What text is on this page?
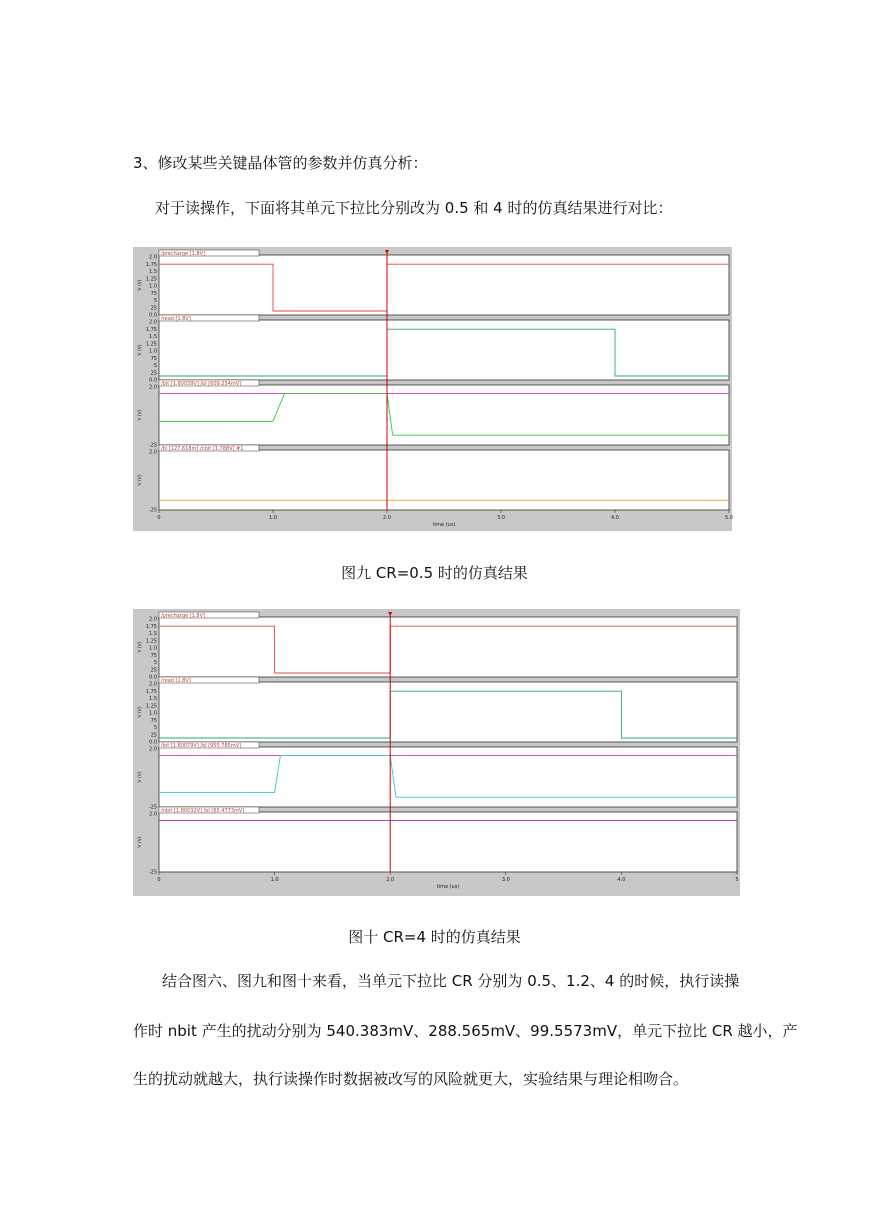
3、修改某些关键晶体管的参数并仿真分析：
对于读操作，下面将其单元下拉比分别改为 0.5 和 4 时的仿真结果进行对比：
/precharge [1.8V]
2.0
1.75
1.5
1.25
1.0
75
5
25
0.0
V (V)
/read [1.8V]
2.0
1.75
1.5
1.25
1.0
75
5
25
0.0
V (V)
/bit [1.80039V] /bl [609.254mV]
2.0
-25
V (V)
/bl [127.618m] /nbit [1.788V] #1
2.0
-25
V (V)
0	1.0	2.0	3.0	4.0	5.0
time (us)
图九 CR=0.5 时的仿真结果
/precharge [1.8V]
2.0
1.75
1.5
1.25
1.0
75
5
25
0.0
V (V)
/read [1.8V]
2.0
1.75
1.5
1.25
1.0
75
5
25
0.0
V (V)
/bit [1.80079V] /bl [955.785mV]
2.0
-25
V (V)
/nbit [1.80032V] /bl [65.4773mV]
2.0
-25
V (V)
0	1.0	2.0	3.0	4.0	5
time (us)
图十 CR=4 时的仿真结果
结合图六、图九和图十来看，当单元下拉比 CR 分别为 0.5、1.2、4 的时候，执行读操
作时 nbit 产生的扰动分别为 540.383mV、288.565mV、99.5573mV，单元下拉比 CR 越小，产
生的扰动就越大，执行读操作时数据被改写的风险就更大，实验结果与理论相吻合。
